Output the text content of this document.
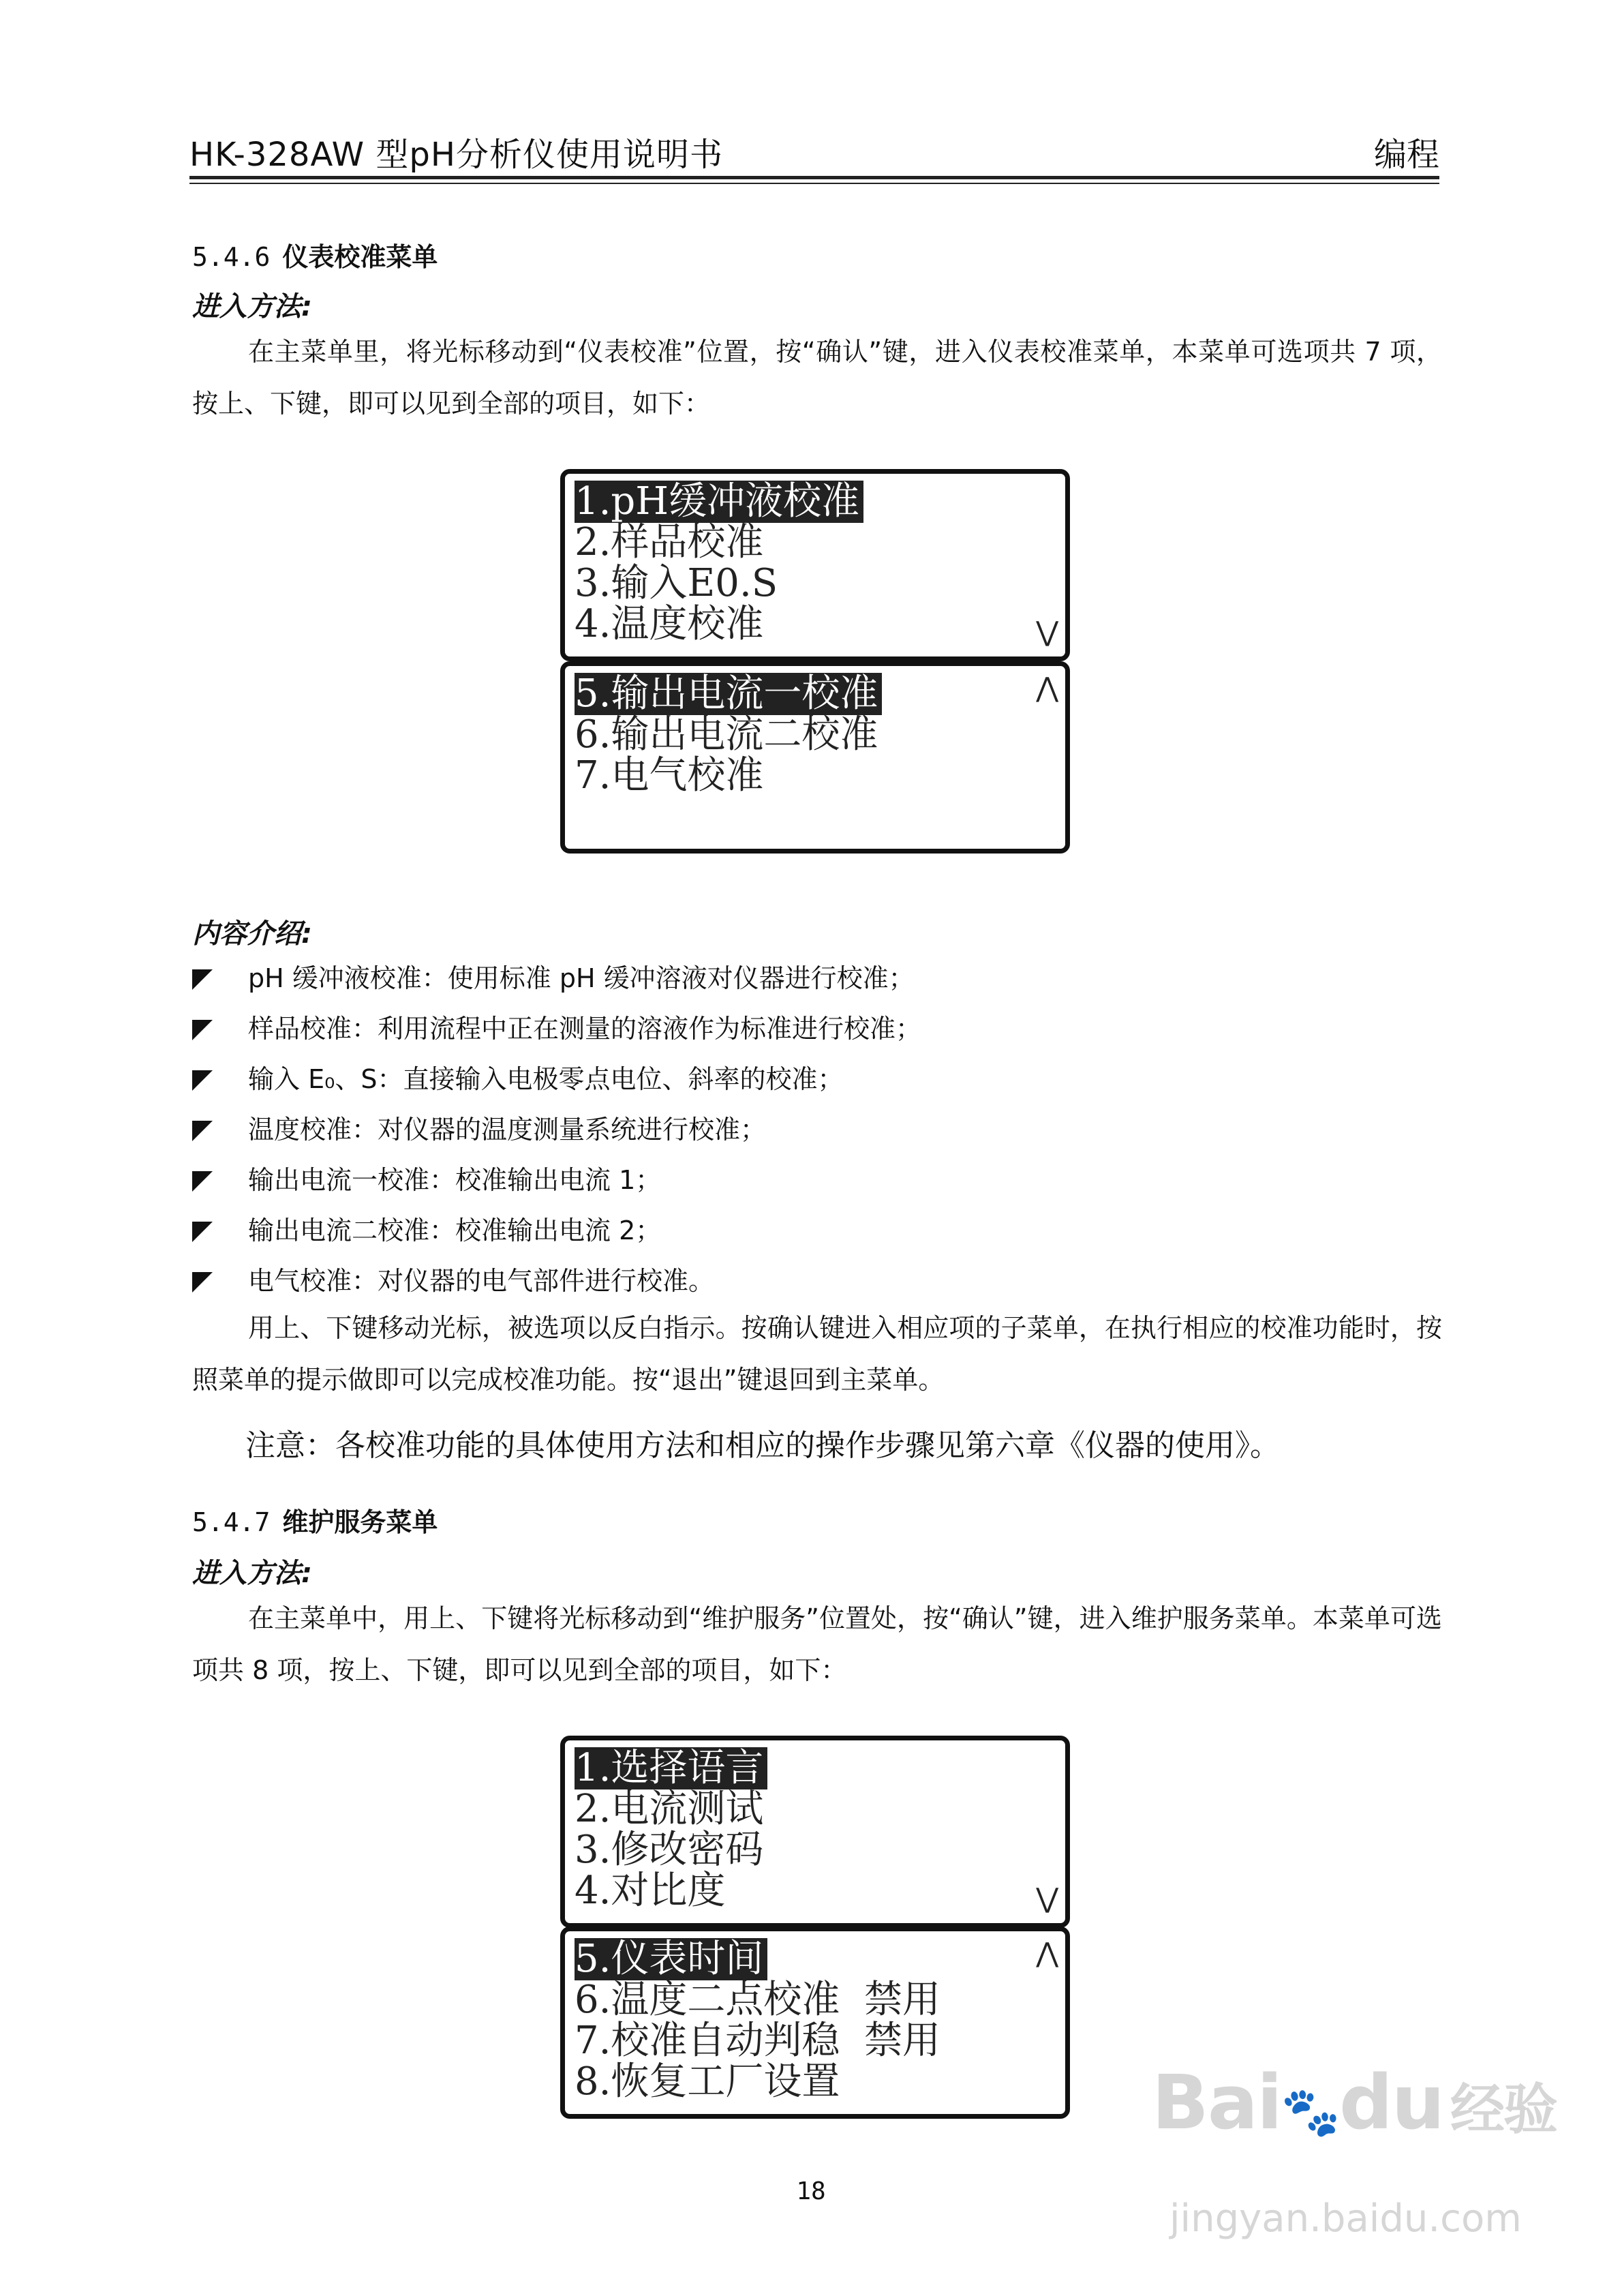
HK-328AW 型pH分析仪使用说明书	编程
5.4.6 仪表校准菜单
进入方法:
在主菜单里，将光标移动到“仪表校准”位置，按“确认”键，进入仪表校准菜单，本菜单可选项共 7 项，按上、下键，即可以见到全部的项目，如下：
1.pH缓冲液校准
2.样品校准
3.输入E0.S
4.温度校准	⋁
⋀
5.输出电流一校准
6.输出电流二校准
7.电气校准
内容介绍:
pH 缓冲液校准：使用标准 pH 缓冲溶液对仪器进行校准；
样品校准：利用流程中正在测量的溶液作为标准进行校准；
输入 E₀、S：直接输入电极零点电位、斜率的校准；
温度校准：对仪器的温度测量系统进行校准；
输出电流一校准：校准输出电流 1；
输出电流二校准：校准输出电流 2；
电气校准：对仪器的电气部件进行校准。
用上、下键移动光标，被选项以反白指示。按确认键进入相应项的子菜单，在执行相应的校准功能时，按照菜单的提示做即可以完成校准功能。按“退出”键退回到主菜单。
注意：各校准功能的具体使用方法和相应的操作步骤见第六章《仪器的使用》。
5.4.7 维护服务菜单
进入方法:
在主菜单中，用上、下键将光标移动到“维护服务”位置处，按“确认”键，进入维护服务菜单。本菜单可选项共 8 项，按上、下键，即可以见到全部的项目，如下：
1.选择语言
2.电流测试
3.修改密码
4.对比度	⋁
⋀
5.仪表时间
6.温度二点校准  禁用
7.校准自动判稳  禁用
8.恢复工厂设置
18
Bai🐾du 经验
jingyan.baidu.com
